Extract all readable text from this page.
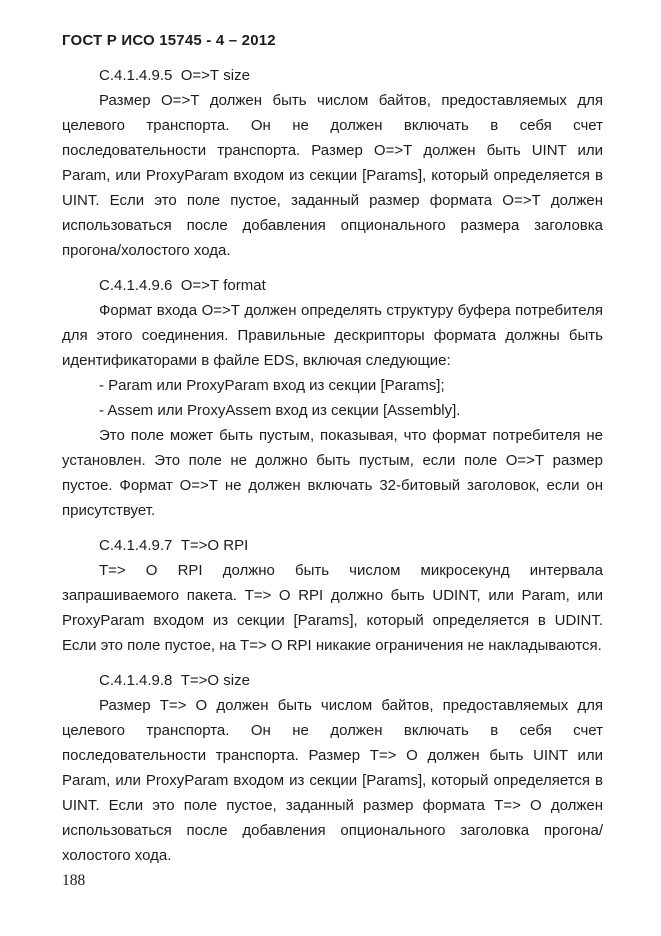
ГОСТ Р ИСО 15745 - 4 – 2012
С.4.1.4.9.5  О=>Т size

Размер О=>Т должен быть числом байтов, предоставляемых для целевого транспорта. Он не должен включать в себя счет последовательности транспорта. Размер О=>Т должен быть UINT или Param, или ProxyParam входом из секции [Params], который определяется в UINT. Если это поле пустое, заданный размер формата О=>Т должен использоваться после добавления опционального размера заголовка прогона/холостого хода.

С.4.1.4.9.6  О=>Т format

Формат входа О=>Т должен определять структуру буфера потребителя для этого соединения. Правильные дескрипторы формата должны быть идентификаторами в файле EDS, включая следующие:

- Param или ProxyParam вход из секции [Params];

- Assem или ProxyAssem вход из секции [Assembly].

Это поле может быть пустым, показывая, что формат потребителя не установлен. Это поле не должно быть пустым, если поле О=>Т размер пустое. Формат О=>Т не должен включать 32-битовый заголовок, если он присутствует.

С.4.1.4.9.7  Т=>О RPI

Т=> О RPI должно быть числом микросекунд интервала запрашиваемого пакета. Т=> О RPI должно быть UDINT, или Param, или ProxyParam входом из секции [Params], который определяется в UDINT. Если это поле пустое, на Т=> О RPI никакие ограничения не накладываются.

С.4.1.4.9.8  Т=>О size

Размер Т=> О должен быть числом байтов, предоставляемых для целевого транспорта. Он не должен включать в себя счет последовательности транспорта. Размер Т=> О должен быть UINT или Param, или ProxyParam входом из секции [Params], который определяется в UINT. Если это поле пустое, заданный размер формата Т=> О должен использоваться после добавления опционального заголовка прогона/ холостого хода.

188
